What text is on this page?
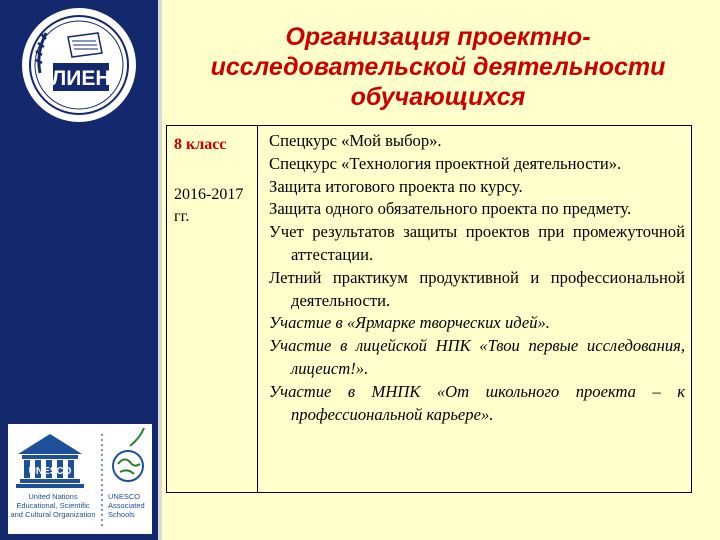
ЛИЕН
UNESCO
United Nations Educational, Scientific and Cultural Organization
UNESCO Associated Schools
Организация проектно-
исследовательской деятельности
обучающихся
8 класс
2016-2017 гг.
Спецкурс «Мой выбор».
Спецкурс «Технология проектной деятельности».
Защита итогового проекта по курсу.
Защита одного обязательного проекта по предмету.
Учет результатов защиты проектов при промежуточной аттестации.
Летний практикум продуктивной и профессиональной деятельности.
Участие в «Ярмарке творческих идей».
Участие в лицейской НПК «Твои первые исследования, лицеист!».
Участие в МНПК «От школьного проекта – к профессиональной карьере».
